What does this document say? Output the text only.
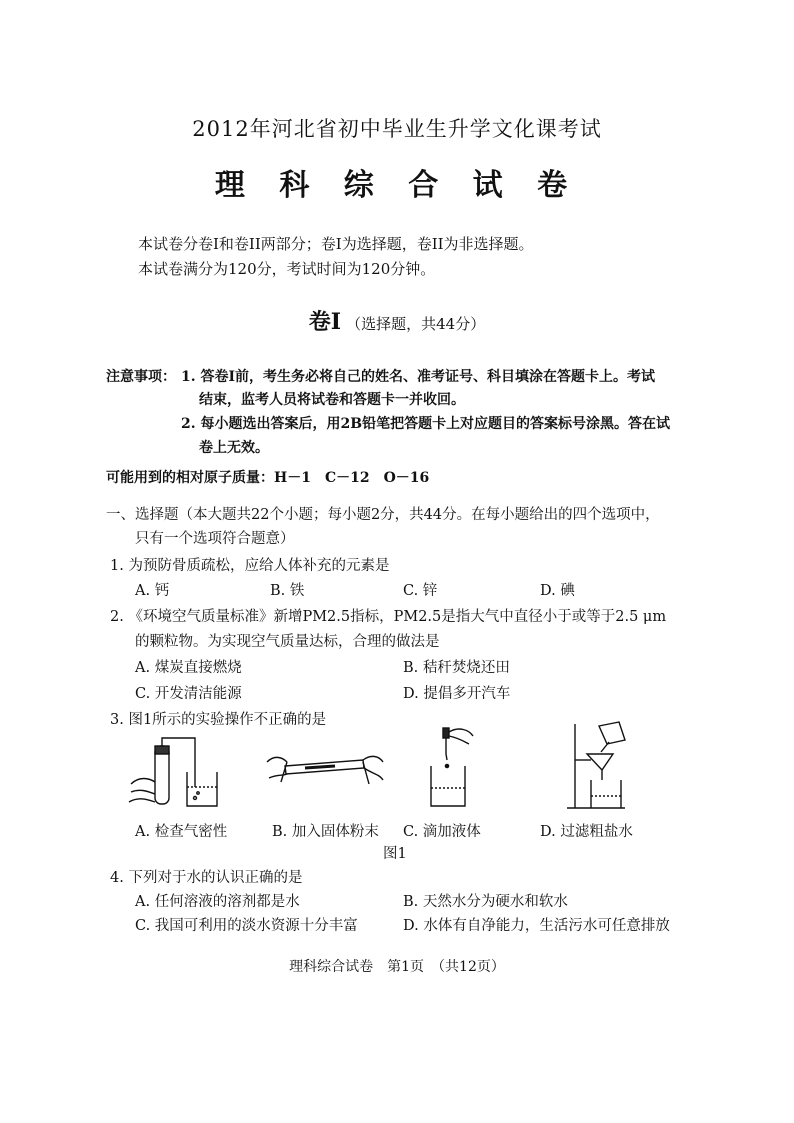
2012年河北省初中毕业生升学文化课考试
理 科 综 合 试 卷
本试卷分卷I和卷II两部分；卷I为选择题，卷II为非选择题。
本试卷满分为120分，考试时间为120分钟。
卷I （选择题，共44分）
注意事项： 1. 答卷I前，考生务必将自己的姓名、准考证号、科目填涂在答题卡上。考试
结束，监考人员将试卷和答题卡一并收回。
2. 每小题选出答案后，用2B铅笔把答题卡上对应题目的答案标号涂黑。答在试
卷上无效。
可能用到的相对原子质量：H－1　C－12　O－16
一、选择题（本大题共22个小题；每小题2分，共44分。在每小题给出的四个选项中，
只有一个选项符合题意）
1. 为预防骨质疏松，应给人体补充的元素是
A. 钙	B. 铁	C. 锌	D. 碘
2. 《环境空气质量标准》新增PM2.5指标，PM2.5是指大气中直径小于或等于2.5 μm
的颗粒物。为实现空气质量达标，合理的做法是
A. 煤炭直接燃烧	B. 秸秆焚烧还田
C. 开发清洁能源	D. 提倡多开汽车
3. 图1所示的实验操作不正确的是
A. 检查气密性	B. 加入固体粉末 C. 滴加液体	D. 过滤粗盐水
图1
4. 下列对于水的认识正确的是
A. 任何溶液的溶剂都是水	B. 天然水分为硬水和软水
C. 我国可利用的淡水资源十分丰富	D. 水体有自净能力，生活污水可任意排放
理科综合试卷　第1页　（共12页）
